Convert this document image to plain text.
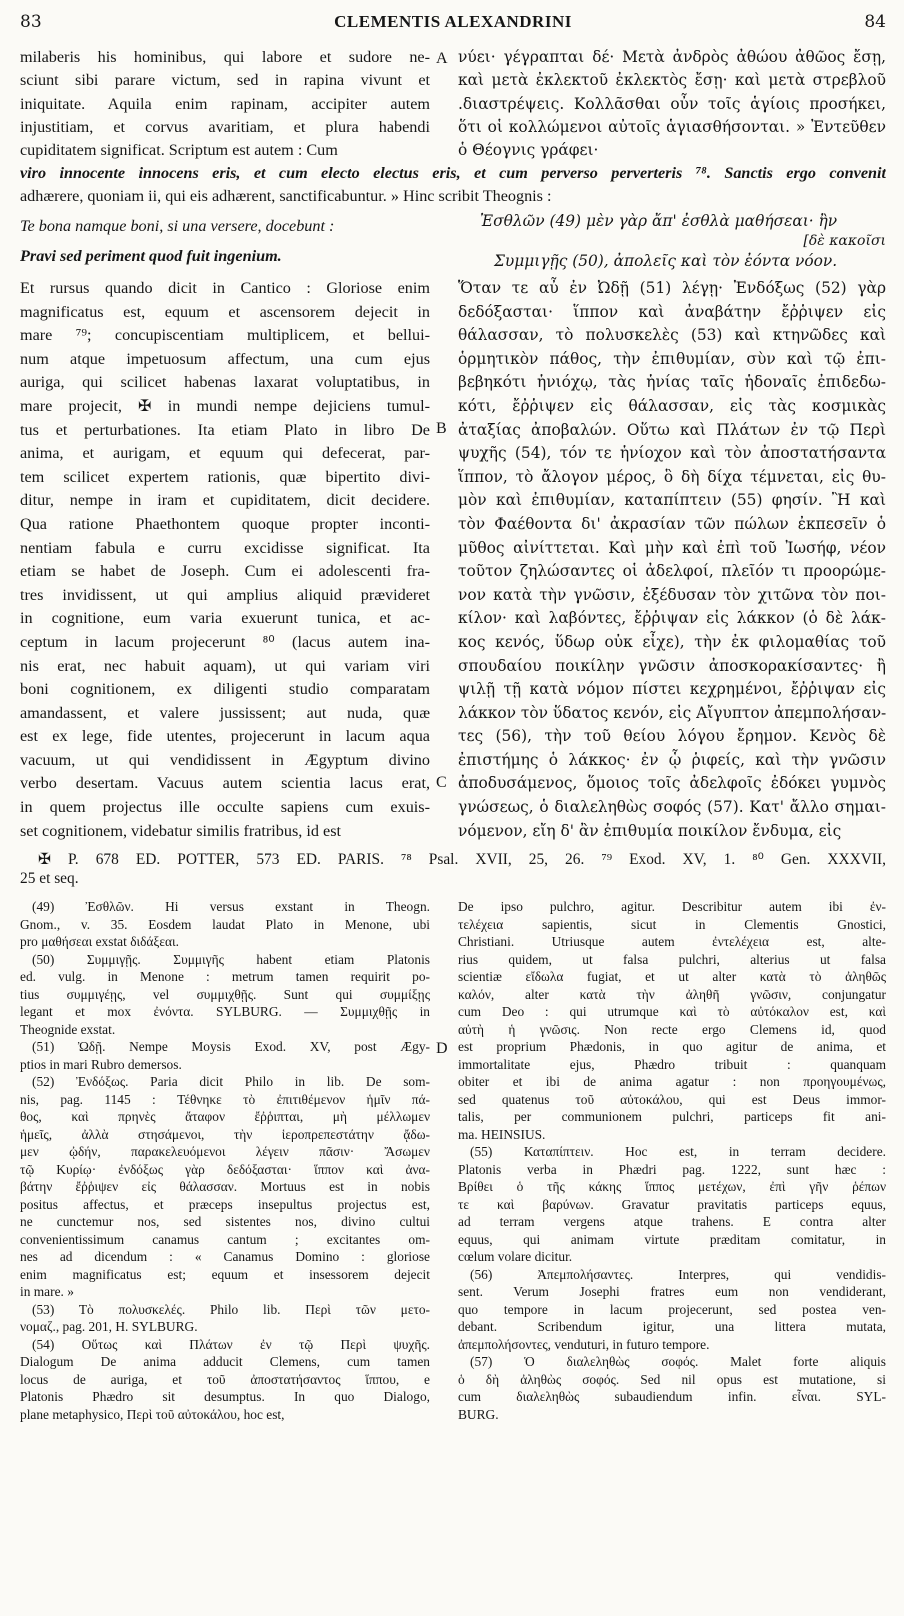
83	CLEMENTIS ALEXANDRINI	84
A
B
C
D
milaberis his hominibus, qui labore et sudore ne-
sciunt sibi parare victum, sed in rapina vivunt et
iniquitate. Aquila enim rapinam, accipiter autem
injustitiam, et corvus avaritiam, et plura habendi
cupiditatem significat. Scriptum est autem : Cum
νύει· γέγραπται δέ· Μετὰ ἀνδρὸς ἀθώου ἀθῶος ἔσῃ,
καὶ μετὰ ἐκλεκτοῦ ἐκλεκτὸς ἔσῃ· καὶ μετὰ στρεβλοῦ
.διαστρέψεις. Κολλᾶσθαι οὖν τοῖς ἁγίοις προσήκει,
ὅτι οἱ κολλώμενοι αὐτοῖς ἁγιασθήσονται. » Ἐντεῦθεν
ὁ Θέογνις γράφει·
viro innocente innocens eris, et cum electo electus eris, et cum perverso perverteris ⁷⁸. Sanctis ergo convenit
adhærere, quoniam ii, qui eis adhærent, sanctificabuntur. » Hinc scribit Theognis :
Te bona namque boni, si una versere, docebunt :
Pravi sed periment quod fuit ingenium.
Ἐσθλῶν (49) μὲν γὰρ ἄπ' ἐσθλὰ μαθήσεαι· ἢν
[δὲ κακοῖσι
Συμμιγῇς (50), ἀπολεῖς καὶ τὸν ἐόντα νόον.
Et rursus quando dicit in Cantico : Gloriose enim
magnificatus est, equum et ascensorem dejecit in
mare ⁷⁹; concupiscentiam multiplicem, et bellui-
num atque impetuosum affectum, una cum ejus
auriga, qui scilicet habenas laxarat voluptatibus, in
mare projecit, ✠ in mundi nempe dejiciens tumul-
tus et perturbationes. Ita etiam Plato in libro De
anima, et aurigam, et equum qui defecerat, par-
tem scilicet expertem rationis, quæ bipertito divi-
ditur, nempe in iram et cupiditatem, dicit decidere.
Qua ratione Phaethontem quoque propter inconti-
nentiam fabula e curru excidisse significat. Ita
etiam se habet de Joseph. Cum ei adolescenti fra-
tres invidissent, ut qui amplius aliquid prævideret
in cognitione, eum varia exuerunt tunica, et ac-
ceptum in lacum projecerunt ⁸⁰ (lacus autem ina-
nis erat, nec habuit aquam), ut qui variam viri
boni cognitionem, ex diligenti studio comparatam
amandassent, et valere jussissent; aut nuda, quæ
est ex lege, fide utentes, projecerunt in lacum aqua
vacuum, ut qui vendidissent in Ægyptum divino
verbo desertam. Vacuus autem scientia lacus erat,
in quem projectus ille occulte sapiens cum exuis-
set cognitionem, videbatur similis fratribus, id est
Ὅταν τε αὖ ἐν Ὠδῇ (51) λέγῃ· Ἐνδόξως (52) γὰρ
δεδόξασται· ἵππον καὶ ἀναβάτην ἔῤῥιψεν εἰς
θάλασσαν, τὸ πολυσκελὲς (53) καὶ κτηνῶδες καὶ
ὁρμητικὸν πάθος, τὴν ἐπιθυμίαν, σὺν καὶ τῷ ἐπι-
βεβηκότι ἡνιόχῳ, τὰς ἡνίας ταῖς ἡδοναῖς ἐπιδεδω-
κότι, ἔῤῥιψεν εἰς θάλασσαν, εἰς τὰς κοσμικὰς
ἀταξίας ἀποβαλών. Οὕτω καὶ Πλάτων ἐν τῷ Περὶ
ψυχῆς (54), τόν τε ἡνίοχον καὶ τὸν ἀποστατήσαντα
ἵππον, τὸ ἄλογον μέρος, ὃ δὴ δίχα τέμνεται, εἰς θυ-
μὸν καὶ ἐπιθυμίαν, καταπίπτειν (55) φησίν. Ἢ καὶ
τὸν Φαέθοντα δι' ἀκρασίαν τῶν πώλων ἐκπεσεῖν ὁ
μῦθος αἰνίττεται. Καὶ μὴν καὶ ἐπὶ τοῦ Ἰωσήφ, νέον
τοῦτον ζηλώσαντες οἱ ἀδελφοί, πλεῖόν τι προορώμε-
νον κατὰ τὴν γνῶσιν, ἐξέδυσαν τὸν χιτῶνα τὸν ποι-
κίλον· καὶ λαβόντες, ἔῤῥιψαν εἰς λάκκον (ὁ δὲ λάκ-
κος κενός, ὕδωρ οὐκ εἶχε), τὴν ἐκ φιλομαθίας τοῦ
σπουδαίου ποικίλην γνῶσιν ἀποσκορακίσαντες· ἢ
ψιλῇ τῇ κατὰ νόμον πίστει κεχρημένοι, ἔῤῥιψαν εἰς
λάκκον τὸν ὕδατος κενόν, εἰς Αἴγυπτον ἀπεμπολήσαν-
τες (56), τὴν τοῦ θείου λόγου ἔρημον. Κενὸς δὲ
ἐπιστήμης ὁ λάκκος· ἐν ᾧ ῥιφείς, καὶ τὴν γνῶσιν
ἀποδυσάμενος, ὅμοιος τοῖς ἀδελφοῖς ἐδόκει γυμνὸς
γνώσεως, ὁ διαλεληθὼς σοφός (57). Κατ' ἄλλο σημαι-
νόμενον, εἴη δ' ἂν ἐπιθυμία ποικίλον ἔνδυμα, εἰς
✠ P. 678 ED. POTTER, 573 ED. PARIS. ⁷⁸ Psal. XVII, 25, 26. ⁷⁹ Exod. XV, 1. ⁸⁰ Gen. XXXVII,
25 et seq.
(49) Ἐσθλῶν. Hi versus exstant in Theogn.
Gnom., v. 35. Eosdem laudat Plato in Menone, ubi
pro μαθήσεαι exstat διδάξεαι.
(50) Συμμιγῇς. Συμμιγῆς habent etiam Platonis
ed. vulg. in Menone : metrum tamen requirit po-
tius συμμιγέῃς, vel συμμιχθῇς. Sunt qui συμμίξῃς
legant et mox ἐνόντα. SYLBURG. — Συμμιχθῇς in
Theognide exstat.
(51) Ὠδῇ. Nempe Moysis Exod. XV, post Ægy-
ptios in mari Rubro demersos.
(52) Ἐνδόξως. Paria dicit Philo in lib. De som-
nis, pag. 1145 : Τέθνηκε τὸ ἐπιτιθέμενον ἡμῖν πά-
θος, καὶ πρηνὲς ἄταφον ἔῤῥιπται, μὴ μέλλωμεν
ἡμεῖς, ἀλλὰ στησάμενοι, τὴν ἱεροπρεπεστάτην ᾄδω-
μεν ᾠδήν, παρακελευόμενοι λέγειν πᾶσιν· Ἄσωμεν
τῷ Κυρίῳ· ἐνδόξως γὰρ δεδόξασται· ἵππον καὶ ἀνα-
βάτην ἔῤῥιψεν εἰς θάλασσαν. Mortuus est in nobis
positus affectus, et præceps insepultus projectus est,
ne cunctemur nos, sed sistentes nos, divino cultui
convenientissimum canamus cantum ; excitantes om-
nes ad dicendum : « Canamus Domino : gloriose
enim magnificatus est; equum et insessorem dejecit
in mare. »
(53) Τὸ πολυσκελές. Philo lib. Περὶ τῶν μετο-
νομαζ., pag. 201, H. SYLBURG.
(54) Οὕτως καὶ Πλάτων ἐν τῷ Περὶ ψυχῆς.
Dialogum De anima adducit Clemens, cum tamen
locus de auriga, et τοῦ ἀποστατήσαντος ἵππου, e
Platonis Phædro sit desumptus. In quo Dialogo,
plane metaphysico, Περὶ τοῦ αὐτοκάλου, hoc est,
De ipso pulchro, agitur. Describitur autem ibi ἐν-
τελέχεια sapientis, sicut in Clementis Gnostici,
Christiani. Utriusque autem ἐντελέχεια est, alte-
rius quidem, ut falsa pulchri, alterius ut falsa
scientiæ εἴδωλα fugiat, et ut alter κατὰ τὸ ἀληθῶς
καλόν, alter κατὰ τὴν ἀληθῆ γνῶσιν, conjungatur
cum Deo : qui utrumque καὶ τὸ αὐτόκαλον est, καὶ
αὐτὴ ἡ γνῶσις. Non recte ergo Clemens id, quod
est proprium Phædonis, in quo agitur de anima, et
immortalitate ejus, Phædro tribuit : quanquam
obiter et ibi de anima agatur : non προηγουμένως,
sed quatenus τοῦ αὐτοκάλου, qui est Deus immor-
talis, per communionem pulchri, particeps fit ani-
ma. HEINSIUS.
(55) Καταπίπτειν. Hoc est, in terram decidere.
Platonis verba in Phædri pag. 1222, sunt hæc :
Βρίθει ὁ τῆς κάκης ἵππος μετέχων, ἐπὶ γῆν ῥέπων
τε καὶ βαρύνων. Gravatur pravitatis particeps equus,
ad terram vergens atque trahens. E contra alter
equus, qui animam virtute præditam comitatur, in
cœlum volare dicitur.
(56) Ἀπεμπολήσαντες. Interpres, qui vendidis-
sent. Verum Josephi fratres eum non vendiderant,
quo tempore in lacum projecerunt, sed postea ven-
debant. Scribendum igitur, una littera mutata,
ἀπεμπολήσοντες, venduturi, in futuro tempore.
(57) Ὁ διαλεληθὼς σοφός. Malet forte aliquis
ὁ δὴ ἀληθὼς σοφός. Sed nil opus est mutatione, si
cum διαλεληθὼς subaudiendum infin. εἶναι. SYL-
BURG.
